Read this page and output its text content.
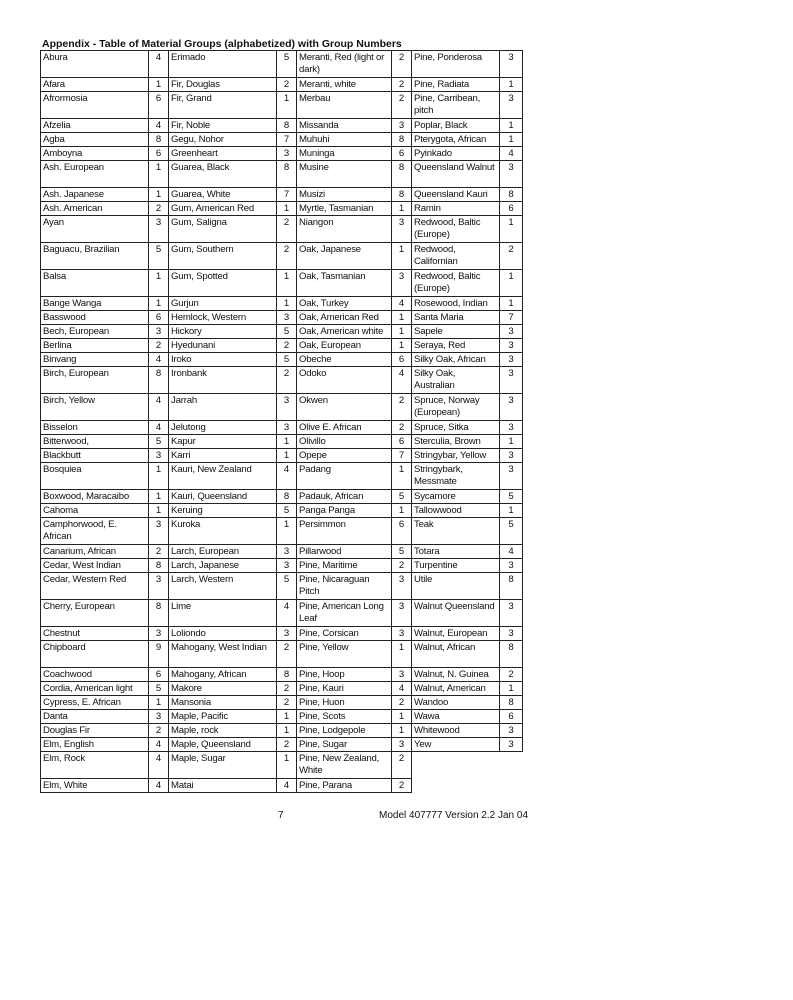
Appendix - Table of Material Groups (alphabetized) with Group Numbers
Abura	4	Erimado	5	Meranti, Red (light or dark)	2	Pine, Ponderosa	3
Afara	1	Fir, Douglas	2	Meranti, white	2	Pine, Radiata	1
Afrormosia	6	Fir, Grand	1	Merbau	2	Pine, Carribean, pitch	3
Afzelia	4	Fir, Noble	8	Missanda	3	Poplar, Black	1
Agba	8	Gegu, Nohor	7	Muhuhi	8	Pterygota, African	1
Amboyna	6	Greenheart	3	Muninga	6	Pyinkado	4
Ash. European	1	Guarea, Black	8	Musine	8	Queensland Walnut	3
Ash. Japanese	1	Guarea, White	7	Musizi	8	Queensland Kauri	8
Ash. American	2	Gum, American Red	1	Myrtle, Tasmanian	1	Ramin	6
Ayan	3	Gum, Saligna	2	Niangon	3	Redwood, Baltic (Europe)	1
Baguacu, Brazilian	5	Gum, Southern	2	Oak, Japanese	1	Redwood, Californian	2
Balsa	1	Gum, Spotted	1	Oak, Tasmanian	3	Redwood, Baltic (Europe)	1
Bange Wanga	1	Gurjun	1	Oak, Turkey	4	Rosewood, Indian	1
Basswood	6	Hemlock, Western	3	Oak, American Red	1	Santa Maria	7
Bech, European	3	Hickory	5	Oak, American white	1	Sapele	3
Berlina	2	Hyedunani	2	Oak, European	1	Seraya, Red	3
Binvang	4	Iroko	5	Obeche	6	Silky Oak, African	3
Birch, European	8	Ironbank	2	Odoko	4	Silky Oak, Australian	3
Birch, Yellow	4	Jarrah	3	Okwen	2	Spruce, Norway (European)	3
Bisselon	4	Jelutong	3	Olive E. African	2	Spruce, Sitka	3
Bitterwood,	5	Kapur	1	Olivillo	6	Sterculia, Brown	1
Blackbutt	3	Karri	1	Opepe	7	Stringybar, Yellow	3
Bosquiea	1	Kauri, New Zealand	4	Padang	1	Stringybark, Messmate	3
Boxwood, Maracaibo	1	Kauri, Queensland	8	Padauk, African	5	Sycamore	5
Cahoma	1	Keruing	5	Panga Panga	1	Tallowwood	1
Camphorwood, E. African	3	Kuroka	1	Persimmon	6	Teak	5
Canarium, African	2	Larch, European	3	Pillarwood	5	Totara	4
Cedar, West Indian	8	Larch, Japanese	3	Pine, Maritime	2	Turpentine	3
Cedar, Western Red	3	Larch, Western	5	Pine, Nicaraguan Pitch	3	Utile	8
Cherry, European	8	Lime	4	Pine, American Long Leaf	3	Walnut Queensland	3
Chestnut	3	Loliondo	3	Pine, Corsican	3	Walnut, European	3
Chipboard	9	Mahogany, West Indian	2	Pine, Yellow	1	Walnut, African	8
Coachwood	6	Mahogany, African	8	Pine, Hoop	3	Walnut, N. Guinea	2
Cordia, American light	5	Makore	2	Pine, Kauri	4	Walnut, American	1
Cypress, E. African	1	Mansonia	2	Pine, Huon	2	Wandoo	8
Danta	3	Maple, Pacific	1	Pine, Scots	1	Wawa	6
Douglas Fir	2	Maple, rock	1	Pine, Lodgepole	1	Whitewood	3
Elm, English	4	Maple, Queensland	2	Pine, Sugar	3	Yew	3
Elm, Rock	4	Maple, Sugar	1	Pine, New Zealand, White	2		
Elm, White	4	Matai	4	Pine, Parana	2		
7	Model 407777 Version 2.2 Jan 04
